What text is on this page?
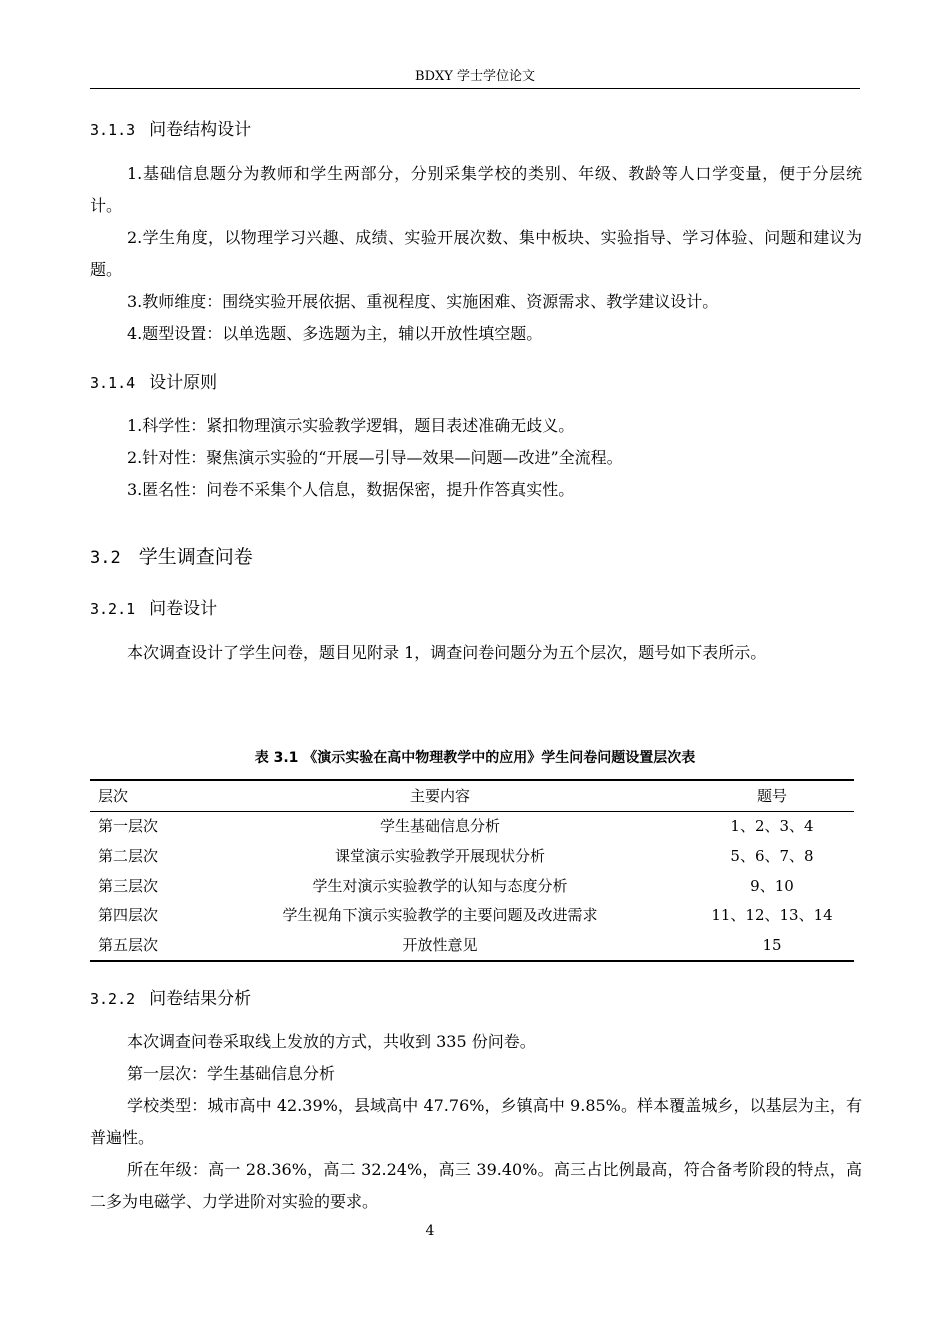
BDXY 学士学位论文
3.1.3 问卷结构设计
1.基础信息题分为教师和学生两部分，分别采集学校的类别、年级、教龄等人口学变量，便于分层统计。
2.学生角度，以物理学习兴趣、成绩、实验开展次数、集中板块、实验指导、学习体验、问题和建议为题。
3.教师维度：围绕实验开展依据、重视程度、实施困难、资源需求、教学建议设计。
4.题型设置：以单选题、多选题为主，辅以开放性填空题。
3.1.4 设计原则
1.科学性：紧扣物理演示实验教学逻辑，题目表述准确无歧义。
2.针对性：聚焦演示实验的“开展—引导—效果—问题—改进”全流程。
3.匿名性：问卷不采集个人信息，数据保密，提升作答真实性。
3.2 学生调查问卷
3.2.1 问卷设计
本次调查设计了学生问卷，题目见附录 1，调查问卷问题分为五个层次，题号如下表所示。
表 3.1 《演示实验在高中物理教学中的应用》学生问卷问题设置层次表
层次	主要内容	题号
第一层次	学生基础信息分析	1、2、3、4
第二层次	课堂演示实验教学开展现状分析	5、6、7、8
第三层次	学生对演示实验教学的认知与态度分析	9、10
第四层次	学生视角下演示实验教学的主要问题及改进需求	11、12、13、14
第五层次	开放性意见	15
3.2.2 问卷结果分析
本次调查问卷采取线上发放的方式，共收到 335 份问卷。
第一层次：学生基础信息分析
学校类型：城市高中 42.39%，县域高中 47.76%，乡镇高中 9.85%。样本覆盖城乡，以基层为主，有普遍性。
所在年级：高一 28.36%，高二 32.24%，高三 39.40%。高三占比例最高，符合备考阶段的特点，高二多为电磁学、力学进阶对实验的要求。
4
